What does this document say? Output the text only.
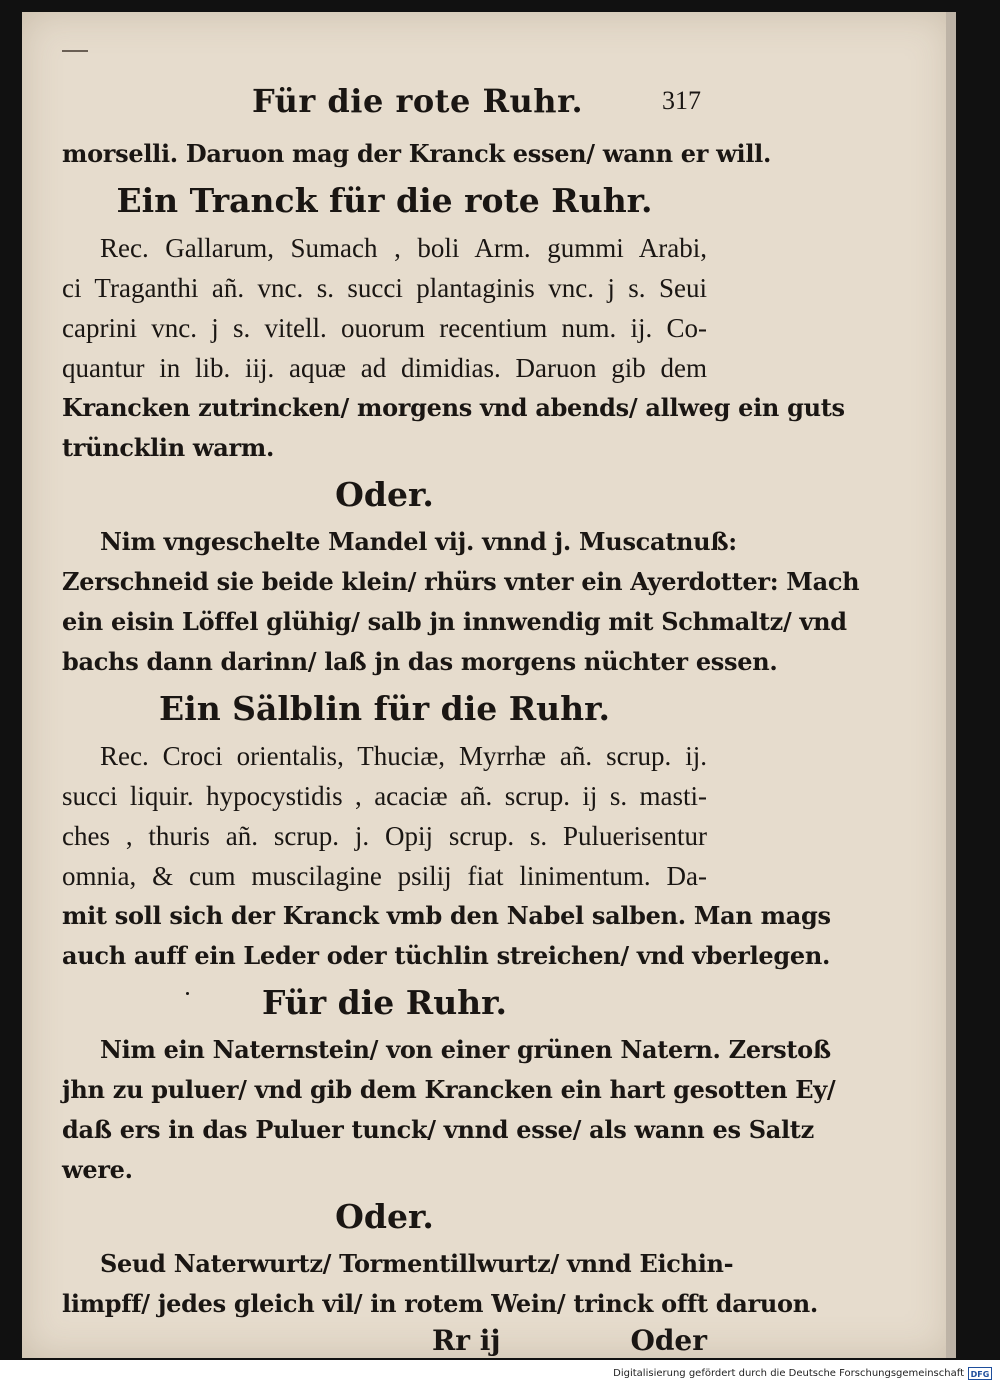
Für die rote Ruhr.	317
morselli. Daruon mag der Kranck essen/ wann er will.
Ein Tranck für die rote Ruhr.
Rec. Gallarum, Sumach , boli Arm. gummi Arabi,
ci Traganthi añ. vnc. s. succi plantaginis vnc. j s. Seui
caprini vnc. j s. vitell. ouorum recentium num. ij. Co-
quantur in lib. iij. aquæ ad dimidias. Daruon gib dem
Krancken zutrincken/ morgens vnd abends/ allweg ein guts
trüncklin warm.
Oder.
Nim vngeschelte Mandel vij. vnnd j. Muscatnuß:
Zerschneid sie beide klein/ rhürs vnter ein Ayerdotter: Mach
ein eisin Löffel glühig/ salb jn innwendig mit Schmaltz/ vnd
bachs dann darinn/ laß jn das morgens nüchter essen.
Ein Sälblin für die Ruhr.
Rec. Croci orientalis, Thuciæ, Myrrhæ añ. scrup. ij.
succi liquir. hypocystidis , acaciæ añ. scrup. ij s. masti-
ches , thuris añ. scrup. j. Opij scrup. s. Puluerisentur
omnia, & cum muscilagine psilij fiat linimentum. Da-
mit soll sich der Kranck vmb den Nabel salben. Man mags
auch auff ein Leder oder tüchlin streichen/ vnd vberlegen.
Für die Ruhr.
Nim ein Naternstein/ von einer grünen Natern. Zerstoß
jhn zu puluer/ vnd gib dem Krancken ein hart gesotten Ey/
daß ers in das Puluer tunck/ vnnd esse/ als wann es Saltz
were.
Oder.
Seud Naterwurtz/ Tormentillwurtz/ vnnd Eichin-
limpff/ jedes gleich vil/ in rotem Wein/ trinck offt daruon.
Rr ij	Oder
Digitalisierung gefördert durch die Deutsche Forschungsgemeinschaft DFG
